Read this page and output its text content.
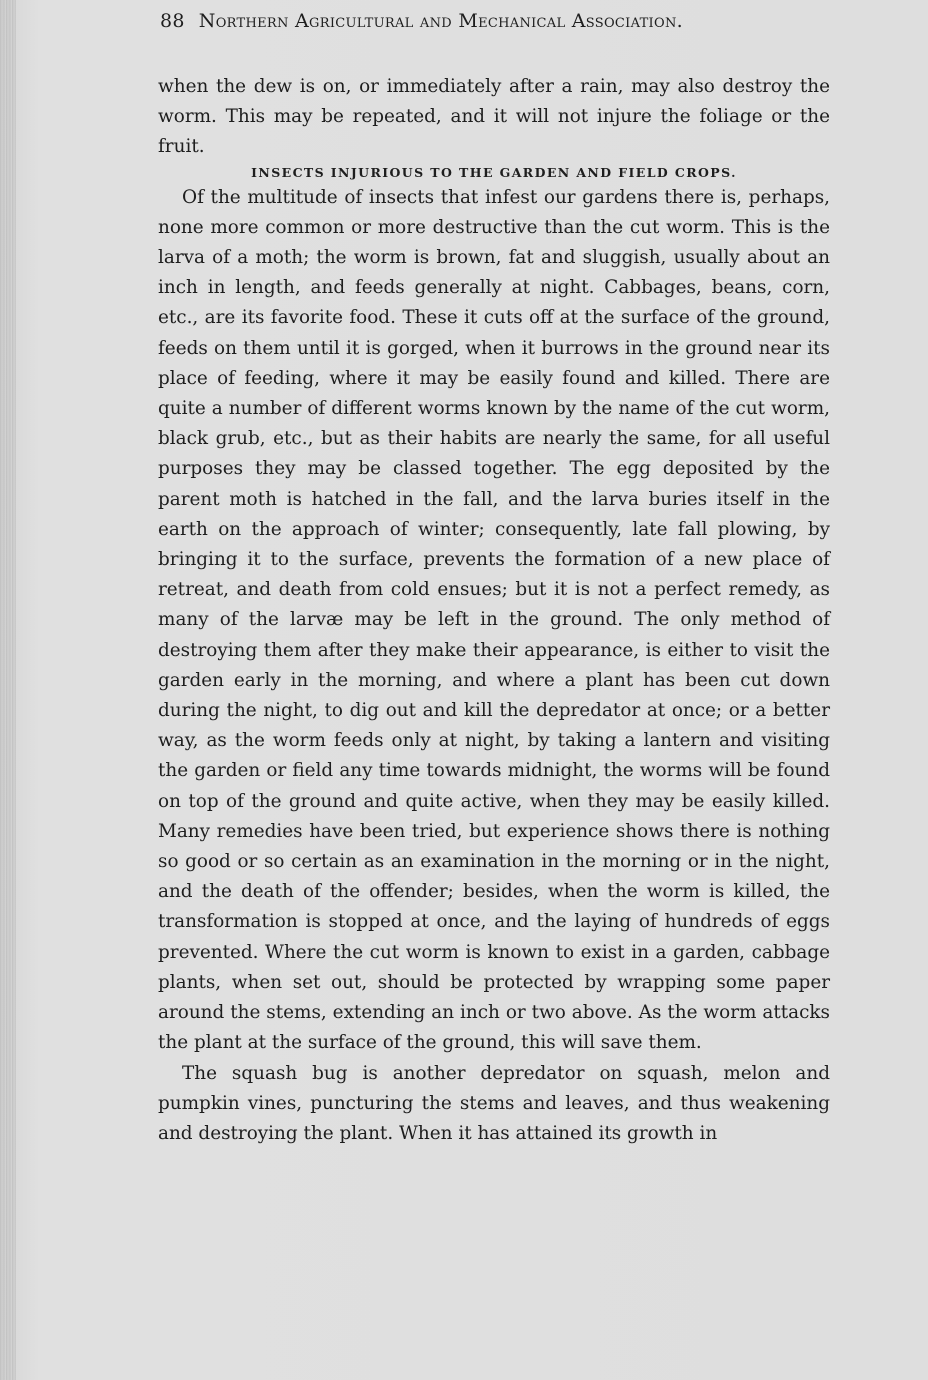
88 Northern Agricultural and Mechanical Association.

when the dew is on, or immediately after a rain, may also destroy the worm. This may be repeated, and it will not injure the foliage or the fruit.

INSECTS INJURIOUS TO THE GARDEN AND FIELD CROPS.

Of the multitude of insects that infest our gardens there is, perhaps, none more common or more destructive than the cut worm. This is the larva of a moth; the worm is brown, fat and sluggish, usually about an inch in length, and feeds generally at night. Cabbages, beans, corn, etc., are its favorite food. These it cuts off at the surface of the ground, feeds on them until it is gorged, when it burrows in the ground near its place of feeding, where it may be easily found and killed. There are quite a number of different worms known by the name of the cut worm, black grub, etc., but as their habits are nearly the same, for all useful purposes they may be classed together. The egg deposited by the parent moth is hatched in the fall, and the larva buries itself in the earth on the approach of winter; consequently, late fall plowing, by bringing it to the surface, prevents the formation of a new place of retreat, and death from cold ensues; but it is not a perfect remedy, as many of the larvæ may be left in the ground. The only method of destroying them after they make their appearance, is either to visit the garden early in the morning, and where a plant has been cut down during the night, to dig out and kill the depredator at once; or a better way, as the worm feeds only at night, by taking a lantern and visiting the garden or field any time towards midnight, the worms will be found on top of the ground and quite active, when they may be easily killed. Many remedies have been tried, but experience shows there is nothing so good or so certain as an examination in the morning or in the night, and the death of the offender; besides, when the worm is killed, the transformation is stopped at once, and the laying of hundreds of eggs prevented. Where the cut worm is known to exist in a garden, cabbage plants, when set out, should be protected by wrapping some paper around the stems, extending an inch or two above. As the worm attacks the plant at the surface of the ground, this will save them.

The squash bug is another depredator on squash, melon and pumpkin vines, puncturing the stems and leaves, and thus weakening and destroying the plant. When it has attained its growth in
